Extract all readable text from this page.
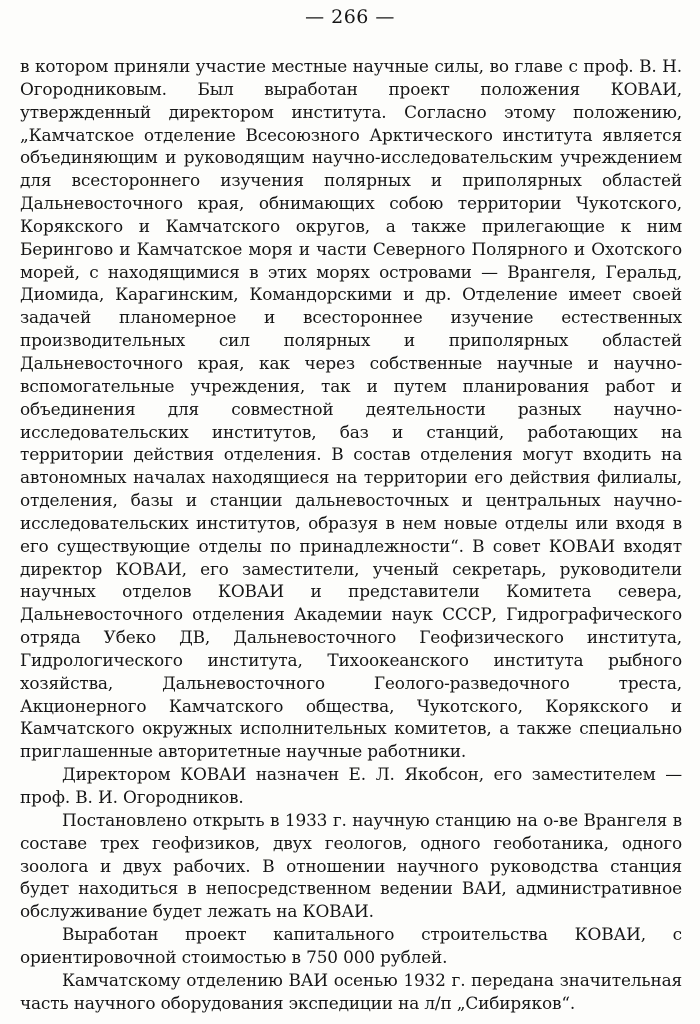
— 266 —

в котором приняли участие местные научные силы, во главе с проф. В. Н. Огородниковым. Был выработан проект положения КОВАИ, утвержденный директором института. Согласно этому положению, „Камчатское отделение Всесоюзного Арктического института является объединяющим и руководящим научно-исследовательским учреждением для всестороннего изучения полярных и приполярных областей Дальневосточного края, обнимающих собою территории Чукотского, Корякского и Камчатского округов, а также прилегающие к ним Берингово и Камчатское моря и части Северного Полярного и Охотского морей, с находящимися в этих морях островами — Врангеля, Геральд, Диомида, Карагинским, Командорскими и др. Отделение имеет своей задачей планомерное и всестороннее изучение естественных производительных сил полярных и приполярных областей Дальневосточного края, как через собственные научные и научно-вспомогательные учреждения, так и путем планирования работ и объединения для совместной деятельности разных научно-исследовательских институтов, баз и станций, работающих на территории действия отделения. В состав отделения могут входить на автономных началах находящиеся на территории его действия филиалы, отделения, базы и станции дальневосточных и центральных научно-исследовательских институтов, образуя в нем новые отделы или входя в его существующие отделы по принадлежности“. В совет КОВАИ входят директор КОВАИ, его заместители, ученый секретарь, руководители научных отделов КОВАИ и представители Комитета севера, Дальневосточного отделения Академии наук СССР, Гидрографического отряда Убеко ДВ, Дальневосточного Геофизического института, Гидрологического института, Тихоокеанского института рыбного хозяйства, Дальневосточного Геолого-разведочного треста, Акционерного Камчатского общества, Чукотского, Корякского и Камчатского окружных исполнительных комитетов, а также специально приглашенные авторитетные научные работники.

Директором КОВАИ назначен Е. Л. Якобсон, его заместителем — проф. В. И. Огородников.

Постановлено открыть в 1933 г. научную станцию на о-ве Врангеля в составе трех геофизиков, двух геологов, одного геоботаника, одного зоолога и двух рабочих. В отношении научного руководства станция будет находиться в непосредственном ведении ВАИ, административное обслуживание будет лежать на КОВАИ.

Выработан проект капитального строительства КОВАИ, с ориентировочной стоимостью в 750 000 рублей.

Камчатскому отделению ВАИ осенью 1932 г. передана значительная часть научного оборудования экспедиции на л/п „Сибиряков“.
